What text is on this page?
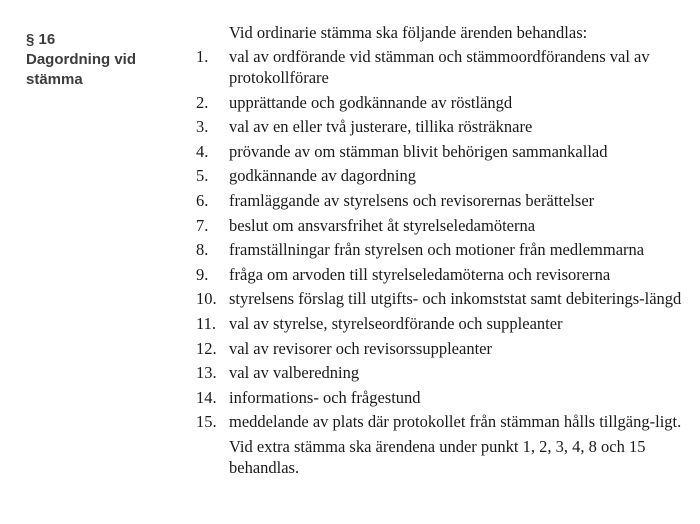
§ 16
Dagordning vid stämma

Vid ordinarie stämma ska följande ärenden behandlas:

1.	val av ordförande vid stämman och stämmoordförandens val av protokollförare
2.	upprättande och godkännande av röstlängd
3.	val av en eller två justerare, tillika rösträknare
4.	prövande av om stämman blivit behörigen sammankallad
5.	godkännande av dagordning
6.	framläggande av styrelsens och revisorernas berättelser
7.	beslut om ansvarsfrihet åt styrelseledamöterna
8.	framställningar från styrelsen och motioner från medlemmarna
9.	fråga om arvoden till styrelseledamöterna och revisorerna
10. styrelsens förslag till utgifts- och inkomststat samt debiterings-längd
11. val av styrelse, styrelseordförande och suppleanter
12. val av revisorer och revisorssuppleanter
13. val av valberedning
14. informations- och frågestund
15. meddelande av plats där protokollet från stämman hålls tillgäng-ligt.

Vid extra stämma ska ärendena under punkt 1, 2, 3, 4, 8 och 15 behandlas.
